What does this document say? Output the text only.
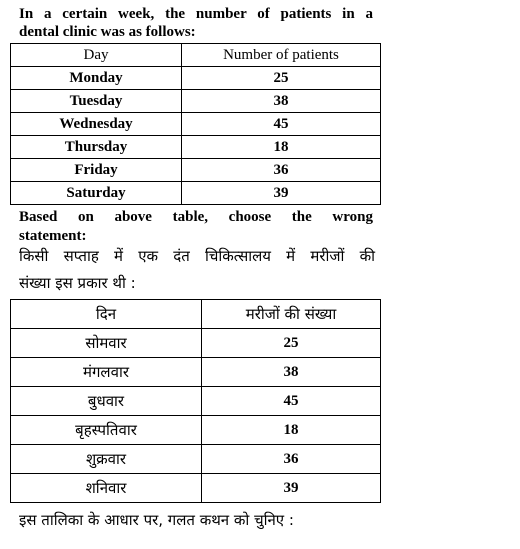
In a certain week, the number of patients in a
dental clinic was as follows:
Day	Number of patients
Monday	25
Tuesday	38
Wednesday	45
Thursday	18
Friday	36
Saturday	39
Based on above table, choose the wrong
statement:
किसी सप्ताह में एक दंत चिकित्सालय में मरीजों की
संख्या इस प्रकार थी :
दिन	मरीजों की संख्या
सोमवार	25
मंगलवार	38
बुधवार	45
बृहस्पतिवार	18
शुक्रवार	36
शनिवार	39
इस तालिका के आधार पर, गलत कथन को चुनिए :
